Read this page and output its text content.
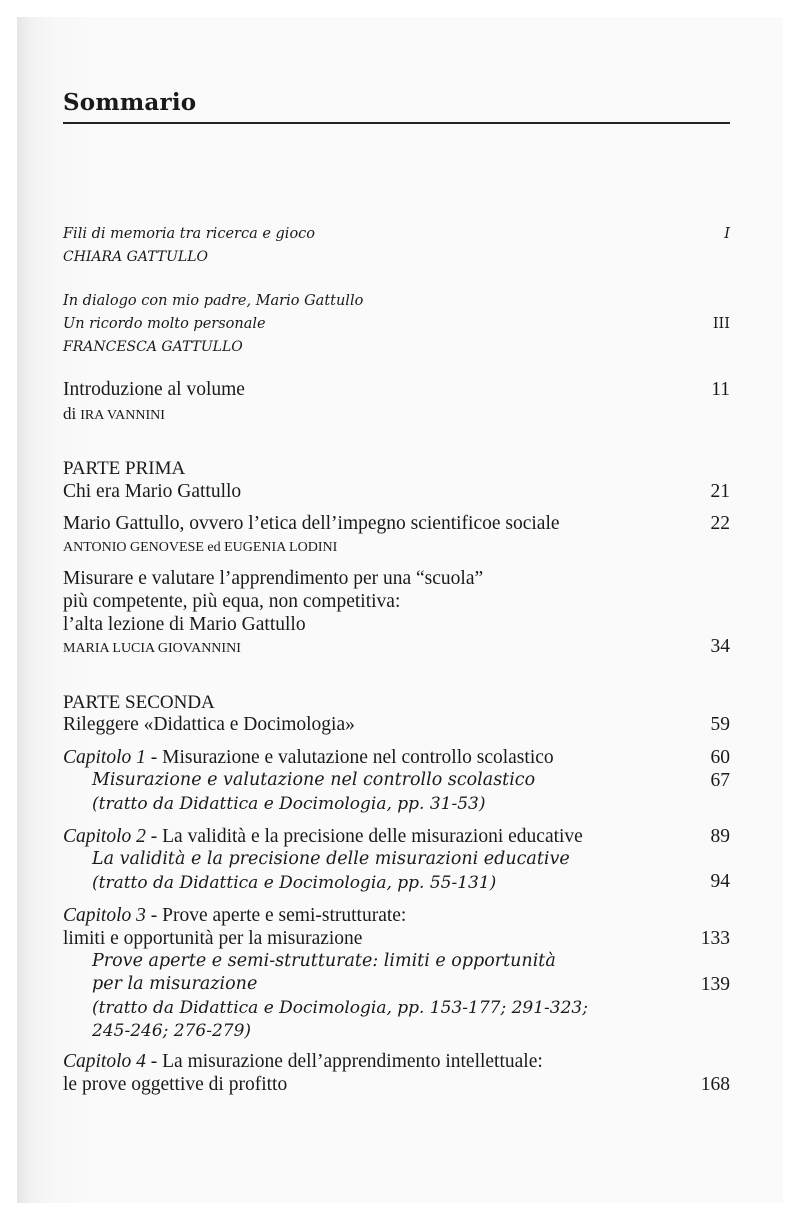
Sommario
Fili di memoria tra ricerca e gioco	I
CHIARA GATTULLO
In dialogo con mio padre, Mario Gattullo
Un ricordo molto personale	III
FRANCESCA GATTULLO
Introduzione al volume	11
di IRA VANNINI
PARTE PRIMA
Chi era Mario Gattullo	21
Mario Gattullo, ovvero l’etica dell’impegno scientificoe sociale	22
ANTONIO GENOVESE ed EUGENIA LODINI
Misurare e valutare l’apprendimento per una “scuola”
più competente, più equa, non competitiva:
l’alta lezione di Mario Gattullo
MARIA LUCIA GIOVANNINI	34
PARTE SECONDA
Rileggere «Didattica e Docimologia»	59
Capitolo 1 - Misurazione e valutazione nel controllo scolastico	60
Misurazione e valutazione nel controllo scolastico	67
(tratto da Didattica e Docimologia, pp. 31-53)
Capitolo 2 - La validità e la precisione delle misurazioni educative	89
La validità e la precisione delle misurazioni educative
(tratto da Didattica e Docimologia, pp. 55-131)	94
Capitolo 3 - Prove aperte e semi-strutturate:
limiti e opportunità per la misurazione	133
Prove aperte e semi-strutturate: limiti e opportunità
per la misurazione	139
(tratto da Didattica e Docimologia, pp. 153-177; 291-323;
245-246; 276-279)
Capitolo 4 - La misurazione dell’apprendimento intellettuale:
le prove oggettive di profitto	168
